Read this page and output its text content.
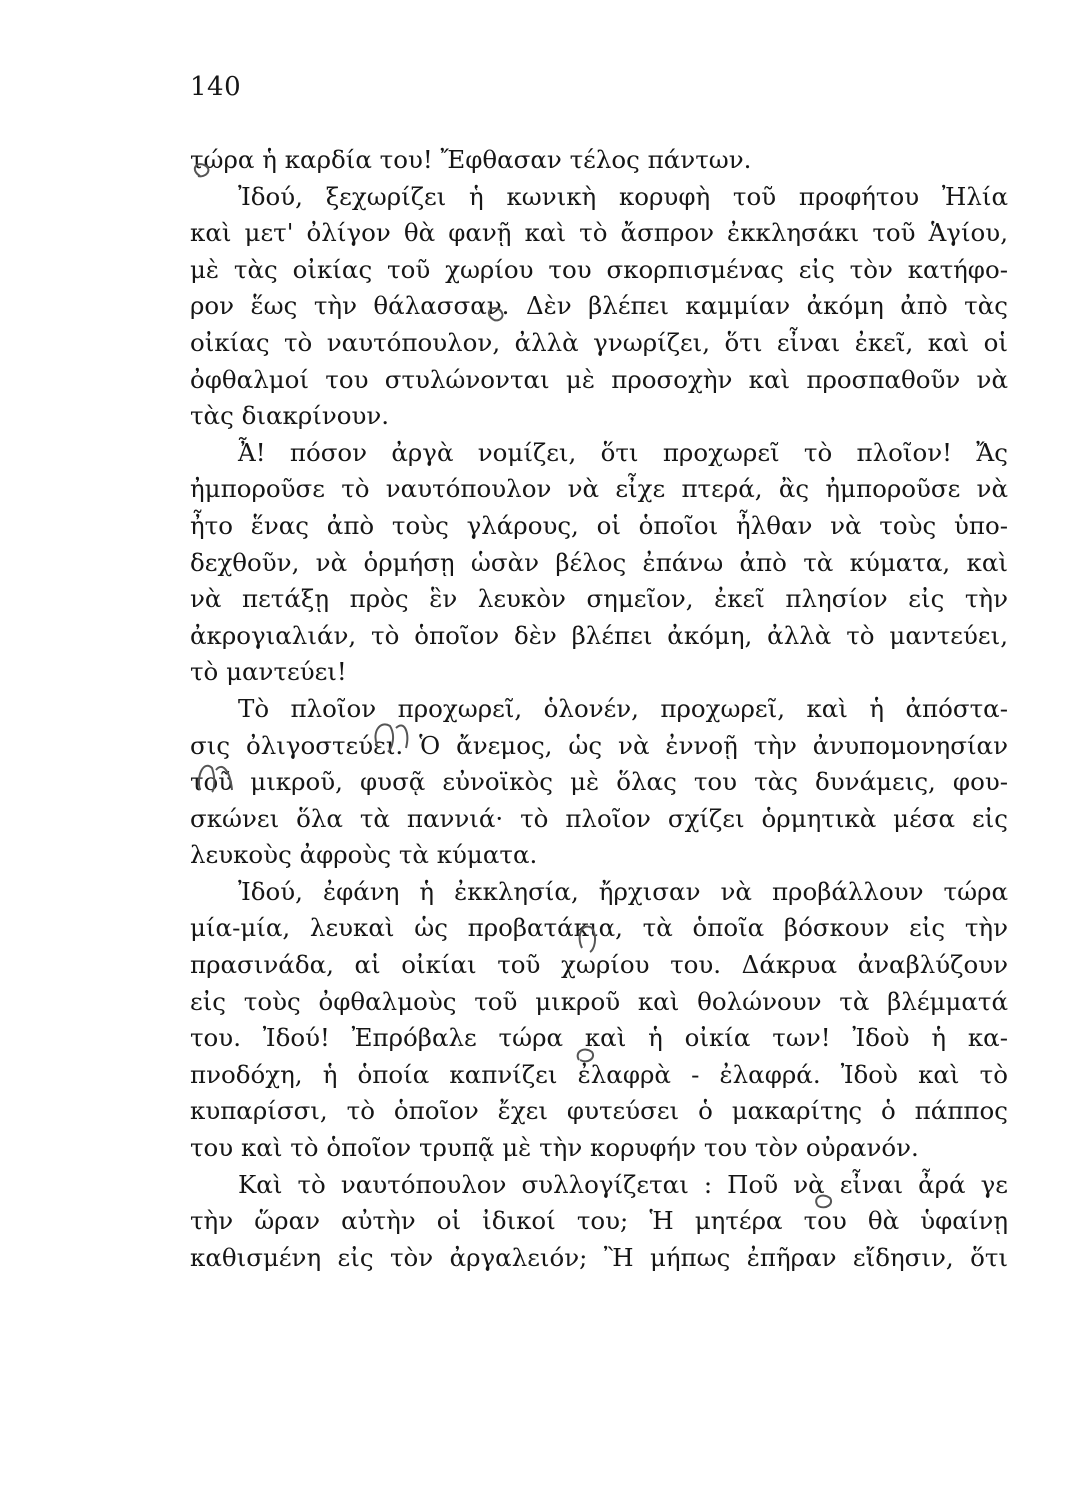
140
τώρα ἡ καρδία του! Ἔφθασαν τέλος πάντων.
Ἰδού, ξεχωρίζει ἡ κωνικὴ κορυφὴ τοῦ προφήτου Ἠλία
καὶ μετ' ὀλίγον θὰ φανῇ καὶ τὸ ἄσπρον ἐκκλησάκι τοῦ Ἁγίου,
μὲ τὰς οἰκίας τοῦ χωρίου του σκορπισμένας εἰς τὸν κατήφο-
ρον ἕως τὴν θάλασσαν. Δὲν βλέπει καμμίαν ἀκόμη ἀπὸ τὰς
οἰκίας τὸ ναυτόπουλον, ἀλλὰ γνωρίζει, ὅτι εἶναι ἐκεῖ, καὶ οἱ
ὀφθαλμοί του στυλώνονται μὲ προσοχὴν καὶ προσπαθοῦν νὰ
τὰς διακρίνουν.
Ἆ! πόσον ἀργὰ νομίζει, ὅτι προχωρεῖ τὸ πλοῖον! Ἄς
ἠμποροῦσε τὸ ναυτόπουλον νὰ εἶχε πτερά, ἂς ἠμποροῦσε νὰ
ἦτο ἕνας ἀπὸ τοὺς γλάρους, οἱ ὁποῖοι ἦλθαν νὰ τοὺς ὑπο-
δεχθοῦν, νὰ ὁρμήσῃ ὡσὰν βέλος ἐπάνω ἀπὸ τὰ κύματα, καὶ
νὰ πετάξῃ πρὸς ἓν λευκὸν σημεῖον, ἐκεῖ πλησίον εἰς τὴν
ἀκρογιαλιάν, τὸ ὁποῖον δὲν βλέπει ἀκόμη, ἀλλὰ τὸ μαντεύει,
τὸ μαντεύει!
Τὸ πλοῖον προχωρεῖ, ὁλονέν, προχωρεῖ, καὶ ἡ ἀπόστα-
σις ὀλιγοστεύει. Ὁ ἄνεμος, ὡς νὰ ἐννοῇ τὴν ἀνυπομονησίαν
τοῦ μικροῦ, φυσᾷ εὐνοϊκὸς μὲ ὅλας του τὰς δυνάμεις, φου-
σκώνει ὅλα τὰ παννιά· τὸ πλοῖον σχίζει ὁρμητικὰ μέσα εἰς
λευκοὺς ἀφροὺς τὰ κύματα.
Ἰδού, ἐφάνη ἡ ἐκκλησία, ἤρχισαν νὰ προβάλλουν τώρα
μία-μία, λευκαὶ ὡς προβατάκια, τὰ ὁποῖα βόσκουν εἰς τὴν
πρασινάδα, αἱ οἰκίαι τοῦ χωρίου του. Δάκρυα ἀναβλύζουν
εἰς τοὺς ὀφθαλμοὺς τοῦ μικροῦ καὶ θολώνουν τὰ βλέμματά
του. Ἰδού! Ἐπρόβαλε τώρα καὶ ἡ οἰκία των! Ἰδοὺ ἡ κα-
πνοδόχη, ἡ ὁποία καπνίζει ἐλαφρὰ - ἐλαφρά. Ἰδοὺ καὶ τὸ
κυπαρίσσι, τὸ ὁποῖον ἔχει φυτεύσει ὁ μακαρίτης ὁ πάππος
του καὶ τὸ ὁποῖον τρυπᾷ μὲ τὴν κορυφήν του τὸν οὐρανόν.
Καὶ τὸ ναυτόπουλον συλλογίζεται : Ποῦ νὰ εἶναι ἆρά γε
τὴν ὥραν αὐτὴν οἱ ἰδικοί του; Ἡ μητέρα του θὰ ὑφαίνῃ
καθισμένη εἰς τὸν ἀργαλειόν; Ἢ μήπως ἐπῆραν εἴδησιν, ὅτι
